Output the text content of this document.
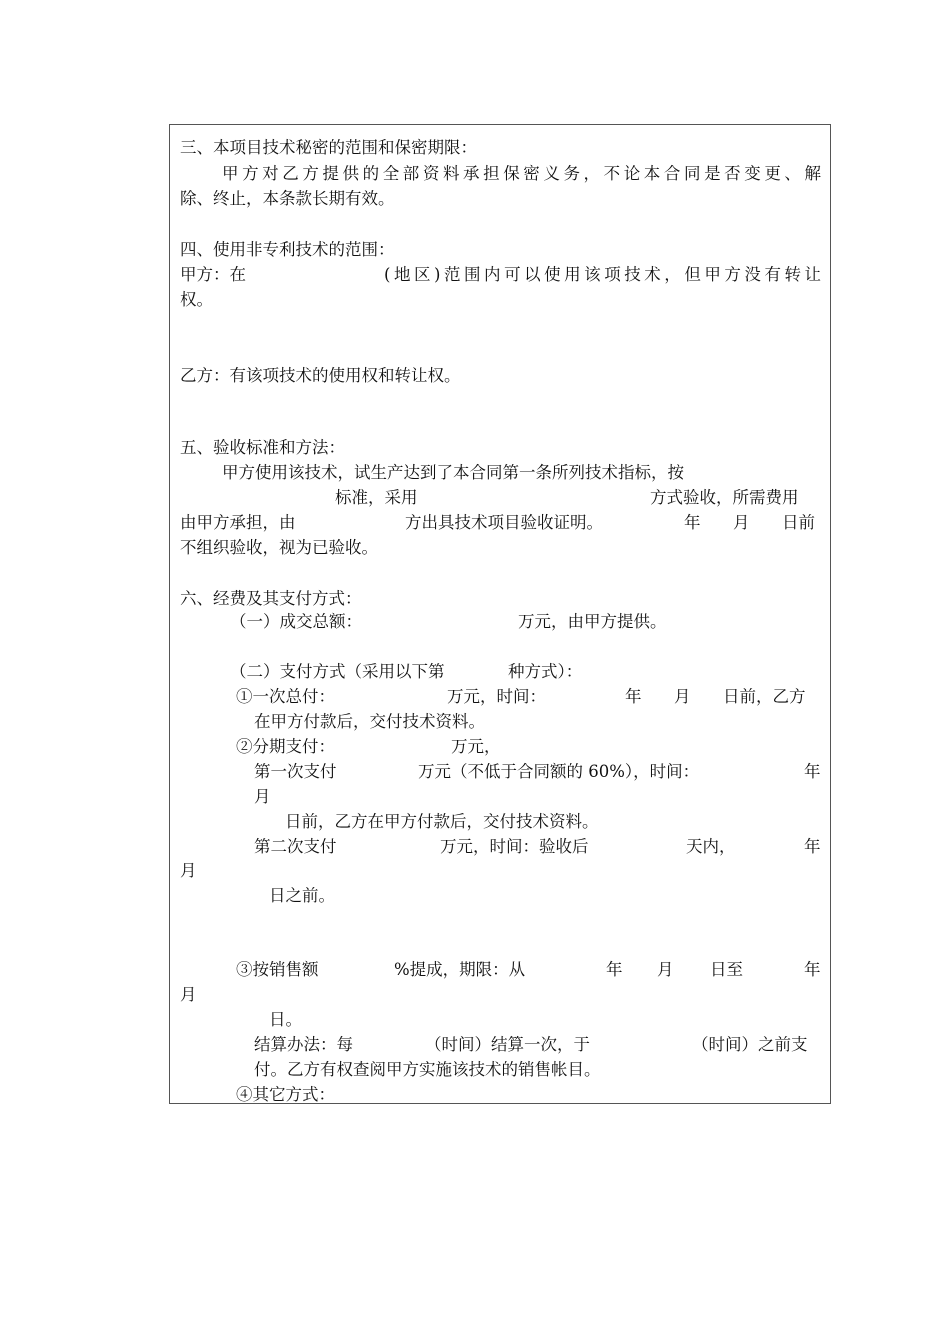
三、本项目技术秘密的范围和保密期限：
甲方对乙方提供的全部资料承担保密义务，不论本合同是否变更、解
除、终止，本条款长期有效。
四、使用非专利技术的范围：
甲方：在	(地区)范围内可以使用该项技术，但甲方没有转让
权。
乙方：有该项技术的使用权和转让权。
五、验收标准和方法：
甲方使用该技术，试生产达到了本合同第一条所列技术指标，按
标准，采用	方式验收，所需费用
由甲方承担，由	方出具技术项目验收证明。	年 月 日前
不组织验收，视为已验收。
六、经费及其支付方式：
（一）成交总额：	万元，由甲方提供。
（二）支付方式（采用以下第	种方式）：
①一次总付：	万元，时间：	年 月 日前，乙方
在甲方付款后，交付技术资料。
②分期支付：	万元，
第一次支付	万元（不低于合同额的 60%），时间：	年
月
日前，乙方在甲方付款后，交付技术资料。
第二次支付	万元，时间：验收后	天内，	年
月
日之前。
③按销售额	%提成，期限：从	年 月 日至	年
月
日。
结算办法：每	（时间）结算一次，于	（时间）之前支
付。乙方有权查阅甲方实施该技术的销售帐目。
④其它方式：
